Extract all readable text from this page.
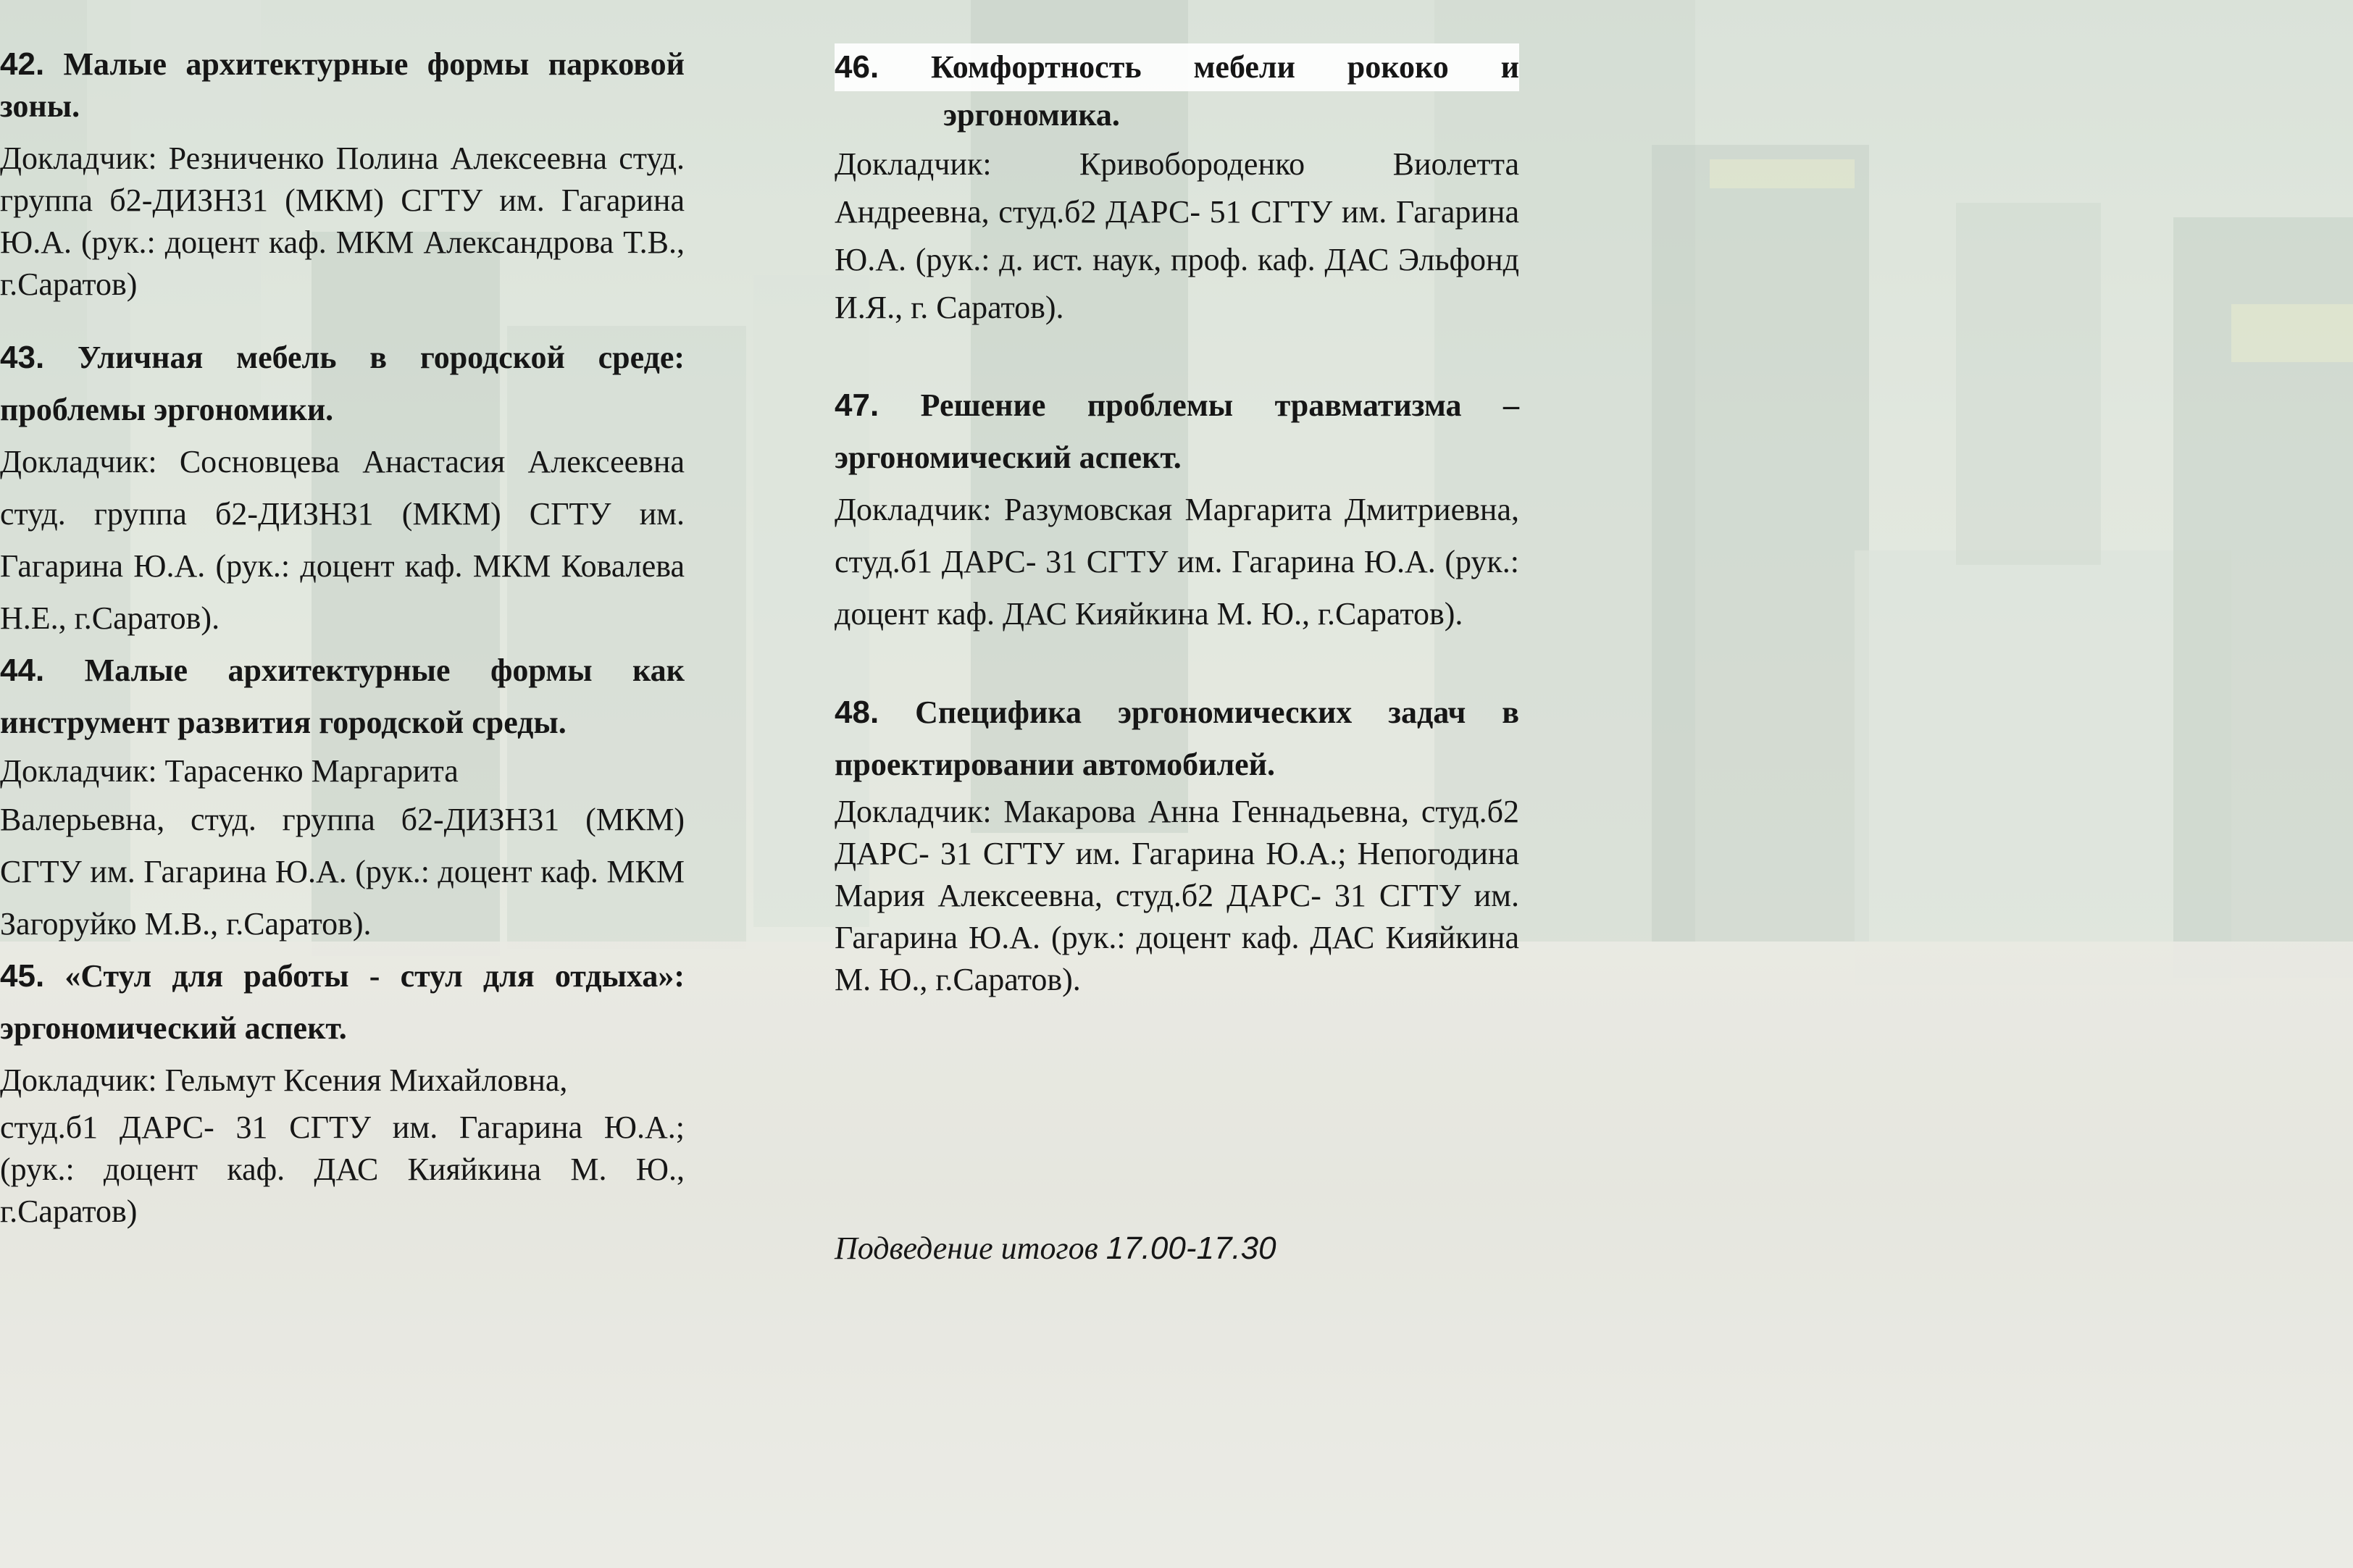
42. Малые архитектурные формы парковой зоны.

Докладчик: Резниченко Полина Алексеевна студ. группа б2-ДИЗН31 (МКМ) СГТУ им. Гагарина Ю.А. (рук.: доцент каф. МКМ Александрова Т.В., г.Саратов)

43. Уличная мебель в городской среде: проблемы эргономики.

Докладчик: Сосновцева Анастасия Алексеевна студ. группа б2-ДИЗН31 (МКМ) СГТУ им. Гагарина Ю.А. (рук.: доцент каф. МКМ Ковалева Н.Е., г.Саратов).

44. Малые архитектурные формы как инструмент развития городской среды.

Докладчик: Тарасенко Маргарита

Валерьевна, студ. группа б2-ДИЗН31 (МКМ) СГТУ им. Гагарина Ю.А. (рук.: доцент каф. МКМ Загоруйко М.В., г.Саратов).

45. «Стул для работы - стул для отдыха»: эргономический аспект.

Докладчик: Гельмут Ксения Михайловна,

студ.б1 ДАРС- 31 СГТУ им. Гагарина Ю.А.; (рук.: доцент каф. ДАС Кияйкина М. Ю., г.Саратов)

46. Комфортность мебели рококо и
эргономика.

Докладчик: Кривобороденко Виолетта Андреевна, студ.б2 ДАРС- 51 СГТУ им. Гагарина Ю.А. (рук.: д. ист. наук, проф. каф. ДАС Эльфонд И.Я., г. Саратов).

47. Решение проблемы травматизма – эргономический аспект.

Докладчик: Разумовская Маргарита Дмитриевна, студ.б1 ДАРС- 31 СГТУ им. Гагарина Ю.А. (рук.: доцент каф. ДАС Кияйкина М. Ю., г.Саратов).

48. Специфика эргономических задач в проектировании автомобилей.

Докладчик: Макарова Анна Геннадьевна, студ.б2 ДАРС- 31 СГТУ им. Гагарина Ю.А.; Непогодина Мария Алексеевна, студ.б2 ДАРС- 31 СГТУ им. Гагарина Ю.А. (рук.: доцент каф. ДАС Кияйкина М. Ю., г.Саратов).

Подведение итогов 17.00-17.30
